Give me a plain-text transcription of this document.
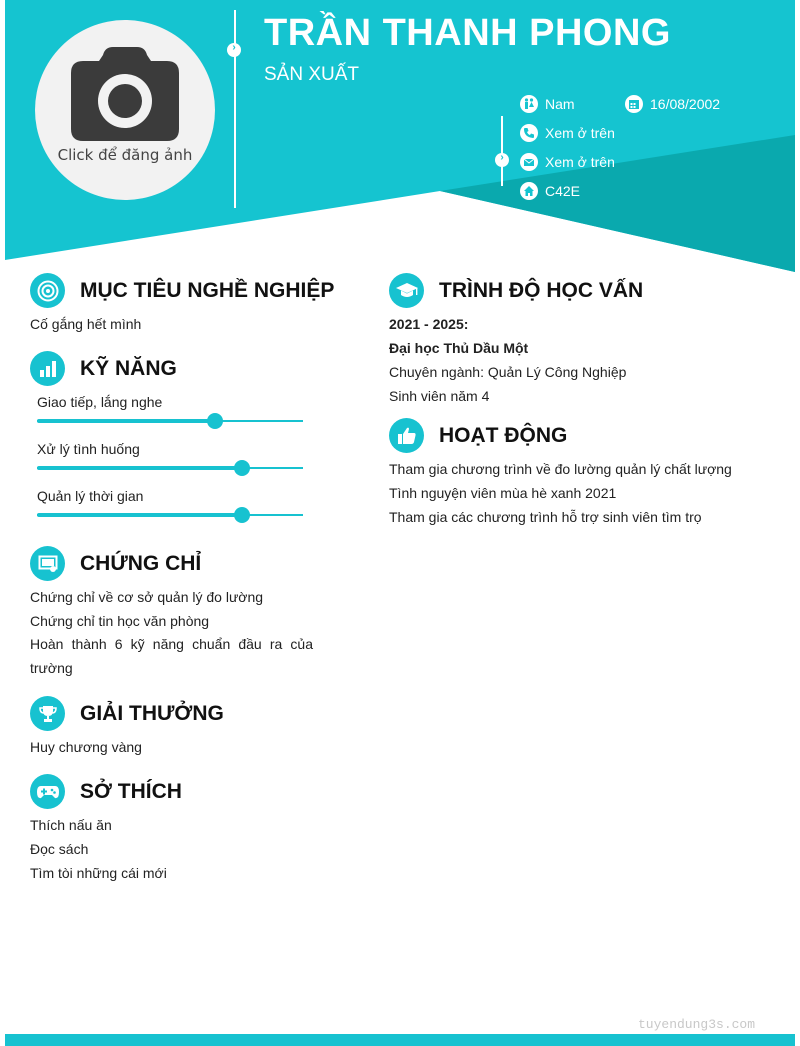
Click để đăng ảnh
› TRẦN THANH PHONG
SẢN XUẤT
›
Nam	16/08/2002
Xem ở trên
Xem ở trên
C42E
MỤC TIÊU NGHỀ NGHIỆP
Cố gắng hết mình
KỸ NĂNG
Giao tiếp, lắng nghe
Xử lý tình huống
Quản lý thời gian
CHỨNG CHỈ
Chứng chỉ về cơ sở quản lý đo lường
Chứng chỉ tin học văn phòng
Hoàn thành 6 kỹ năng chuẩn đầu ra của trường
GIẢI THƯỞNG
Huy chương vàng
SỞ THÍCH
Thích nấu ăn
Đọc sách
Tìm tòi những cái mới
TRÌNH ĐỘ HỌC VẤN
2021 - 2025:
Đại học Thủ Dầu Một
Chuyên ngành: Quản Lý Công Nghiệp
Sinh viên năm 4
HOẠT ĐỘNG
Tham gia chương trình về đo lường quản lý chất lượng
Tình nguyện viên mùa hè xanh 2021
Tham gia các chương trình hỗ trợ sinh viên tìm trọ
tuyendung3s.com
